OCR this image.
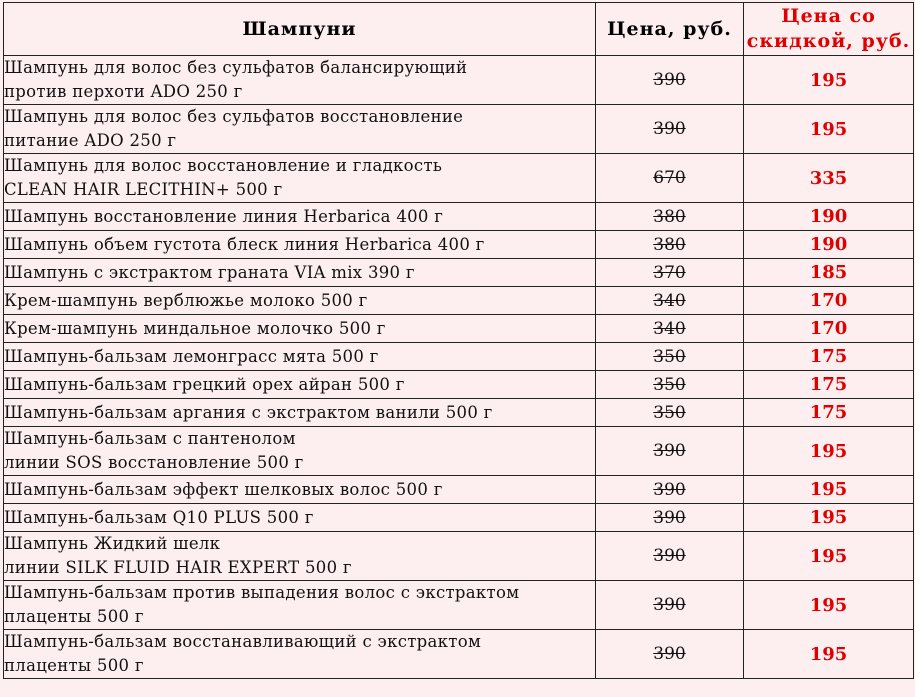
Шампуни	Цена, руб.	Цена со
скидкой, руб.
Шампунь для волос без сульфатов балансирующий
против перхоти ADO 250 г	390	195
Шампунь для волос без сульфатов восстановление
питание ADO 250 г	390	195
Шампунь для волос восстановление и гладкость
CLEAN HAIR LECITHIN+ 500 г	670	335
Шампунь восстановление линия Herbarica 400 г	380	190
Шампунь объем густота блеск линия Herbarica 400 г	380	190
Шампунь с экстрактом граната VIA mix 390 г	370	185
Крем-шампунь верблюжье молоко 500 г	340	170
Крем-шампунь миндальное молочко 500 г	340	170
Шампунь-бальзам лемонграсс мята 500 г	350	175
Шампунь-бальзам грецкий орех айран 500 г	350	175
Шампунь-бальзам аргания с экстрактом ванили 500 г	350	175
Шампунь-бальзам с пантенолом
линии SOS восстановление 500 г	390	195
Шампунь-бальзам эффект шелковых волос 500 г	390	195
Шампунь-бальзам Q10 PLUS 500 г	390	195
Шампунь Жидкий шелк
линии SILK FLUID HAIR EXPERT 500 г	390	195
Шампунь-бальзам против выпадения волос с экстрактом
плаценты 500 г	390	195
Шампунь-бальзам восстанавливающий с экстрактом
плаценты 500 г	390	195
